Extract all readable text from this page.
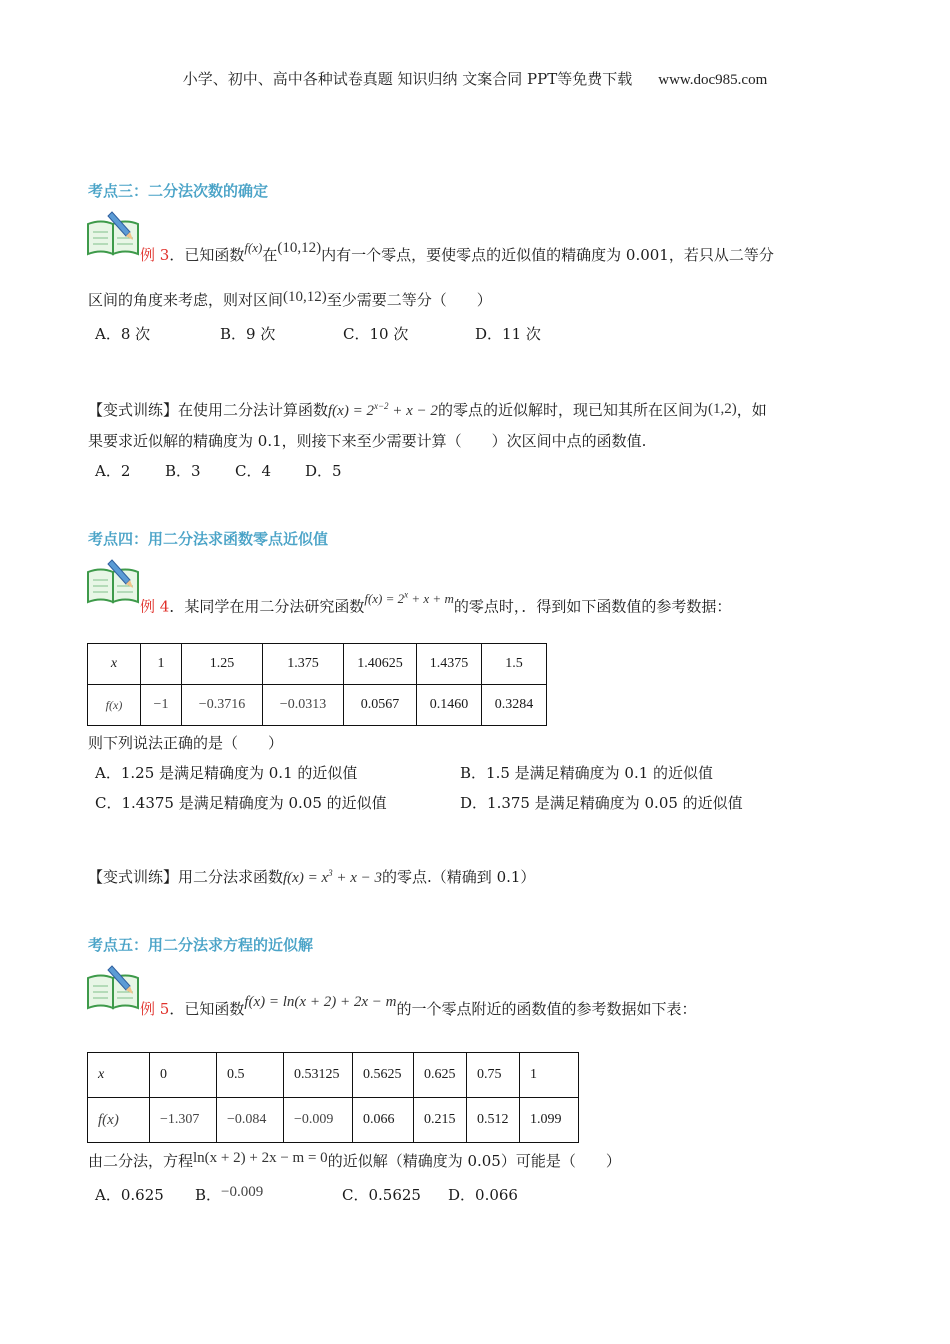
小学、初中、高中各种试卷真题 知识归纳 文案合同 PPT等免费下载 www.doc985.com
考点三：二分法次数的确定
例 3．已知函数f(x)在(10,12)内有一个零点，要使零点的近似值的精确度为 0.001，若只从二等分
区间的角度来考虑，则对区间(10,12)至少需要二等分（　　）
A．8 次	B．9 次	C．10 次	D．11 次
【变式训练】在使用二分法计算函数$f(x) = 2^{x-2} + x - 2$的零点的近似解时，现已知其所在区间为(1,2)，如
果要求近似解的精确度为 0.1，则接下来至少需要计算（　　）次区间中点的函数值.
A．2 B．3 C．4 D．5
考点四：用二分法求函数零点近似值
例 4．某同学在用二分法研究函数$f(x) = 2^x + x + m$的零点时，．得到如下函数值的参考数据：
x	1	1.25	1.375	1.40625	1.4375	1.5
f(x)	−1	−0.3716	−0.0313	0.0567	0.1460	0.3284
则下列说法正确的是（　　）
A．1.25 是满足精确度为 0.1 的近似值	B．1.5 是满足精确度为 0.1 的近似值
C．1.4375 是满足精确度为 0.05 的近似值	D．1.375 是满足精确度为 0.05 的近似值
【变式训练】用二分法求函数$f(x) = x^3 + x - 3$的零点.（精确到 0.1）
考点五：用二分法求方程的近似解
例 5．已知函数f(x) = ln(x + 2) + 2x − m的一个零点附近的函数值的参考数据如下表：
x	0	0.5	0.53125	0.5625	0.625	0.75	1
f(x)	−1.307	−0.084	−0.009	0.066	0.215	0.512	1.099
由二分法，方程ln(x + 2) + 2x − m = 0的近似解（精确度为 0.05）可能是（　　）
A．0.625 B．−0.009	C．0.5625 D．0.066
